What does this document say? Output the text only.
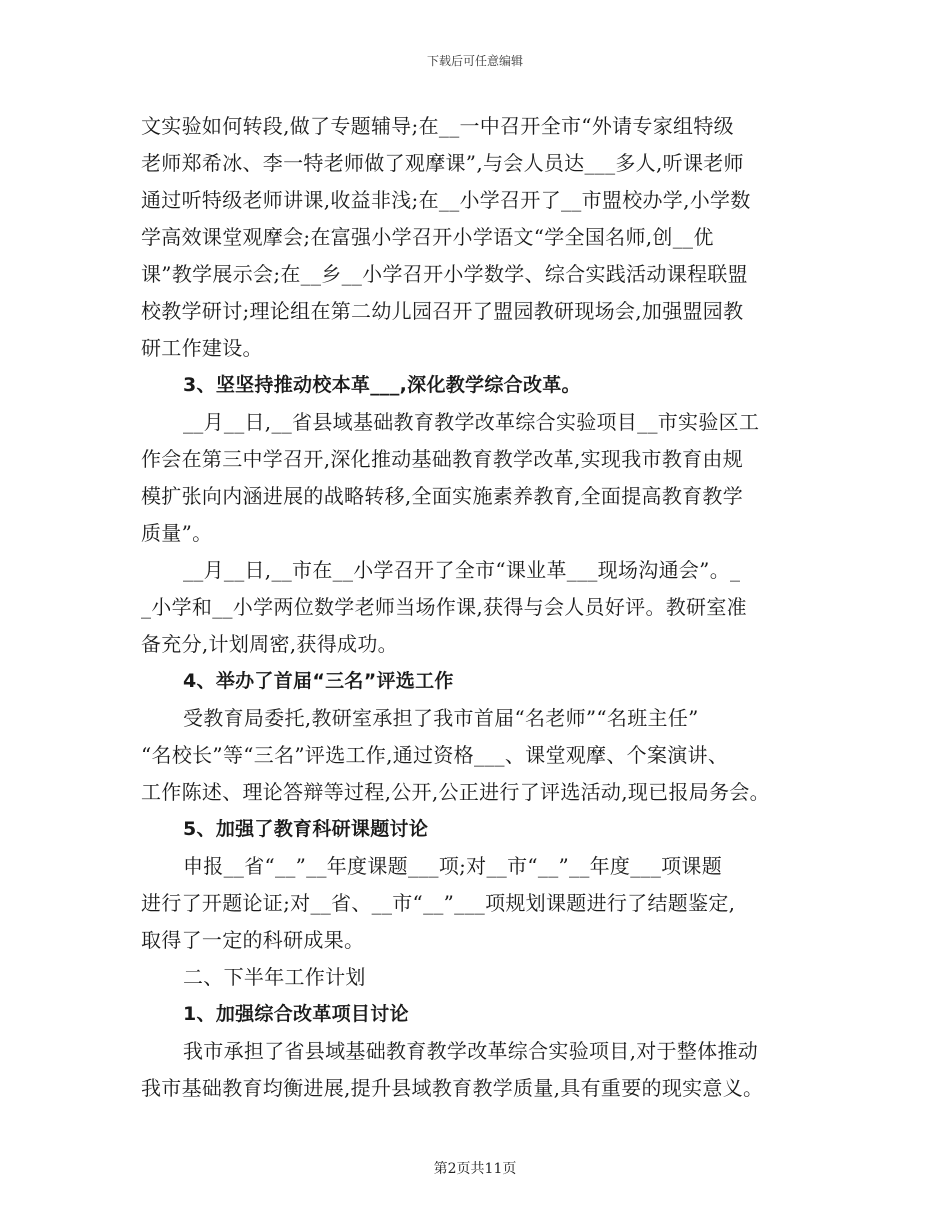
下载后可任意编辑
文实验如何转段,做了专题辅导;在__一中召开全市“外请专家组特级
老师郑希冰、李一特老师做了观摩课”,与会人员达___多人,听课老师
通过听特级老师讲课,收益非浅;在__小学召开了__市盟校办学,小学数
学高效课堂观摩会;在富强小学召开小学语文“学全国名师,创__优
课”教学展示会;在__乡__小学召开小学数学、综合实践活动课程联盟
校教学研讨;理论组在第二幼儿园召开了盟园教研现场会,加强盟园教
研工作建设。
3、坚坚持推动校本革___,深化教学综合改革。
__月__日,__省县域基础教育教学改革综合实验项目__市实验区工
作会在第三中学召开,深化推动基础教育教学改革,实现我市教育由规
模扩张向内涵进展的战略转移,全面实施素养教育,全面提高教育教学
质量”。
__月__日,__市在__小学召开了全市“课业革___现场沟通会”。_
_小学和__小学两位数学老师当场作课,获得与会人员好评。教研室准
备充分,计划周密,获得成功。
4、举办了首届“三名”评选工作
受教育局委托,教研室承担了我市首届“名老师”“名班主任”
“名校长”等“三名”评选工作,通过资格___、课堂观摩、个案演讲、
工作陈述、理论答辩等过程,公开,公正进行了评选活动,现已报局务会。
5、加强了教育科研课题讨论
申报__省“__”__年度课题___项;对__市“__”__年度___项课题
进行了开题论证;对__省、__市“__”___项规划课题进行了结题鉴定,
取得了一定的科研成果。
二、下半年工作计划
1、加强综合改革项目讨论
我市承担了省县域基础教育教学改革综合实验项目,对于整体推动
我市基础教育均衡进展,提升县域教育教学质量,具有重要的现实意义。
第2页共11页
